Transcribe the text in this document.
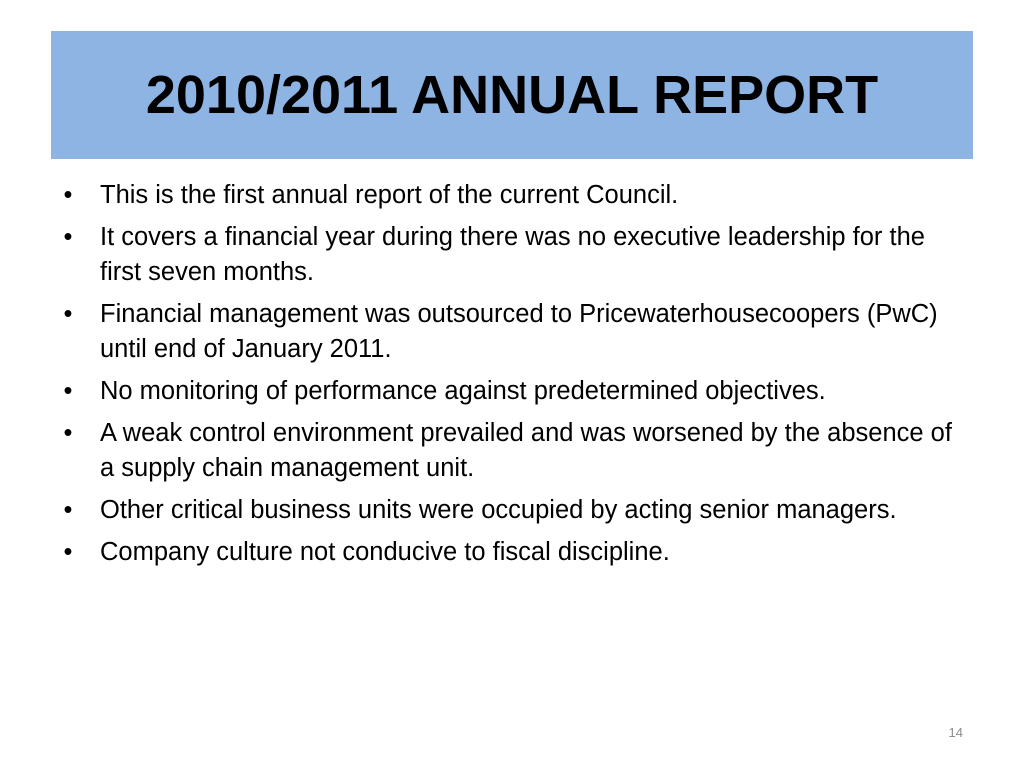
2010/2011 ANNUAL REPORT
• This is the first annual report of the current Council.
• It covers a financial year during there was no executive leadership for the first seven months.
• Financial management was outsourced to Pricewaterhousecoopers (PwC) until end of January 2011.
• No monitoring of performance against predetermined objectives.
• A weak control environment prevailed and was worsened by the absence of a supply chain management unit.
• Other critical business units were occupied by acting senior managers.
• Company culture not conducive to fiscal discipline.
14
